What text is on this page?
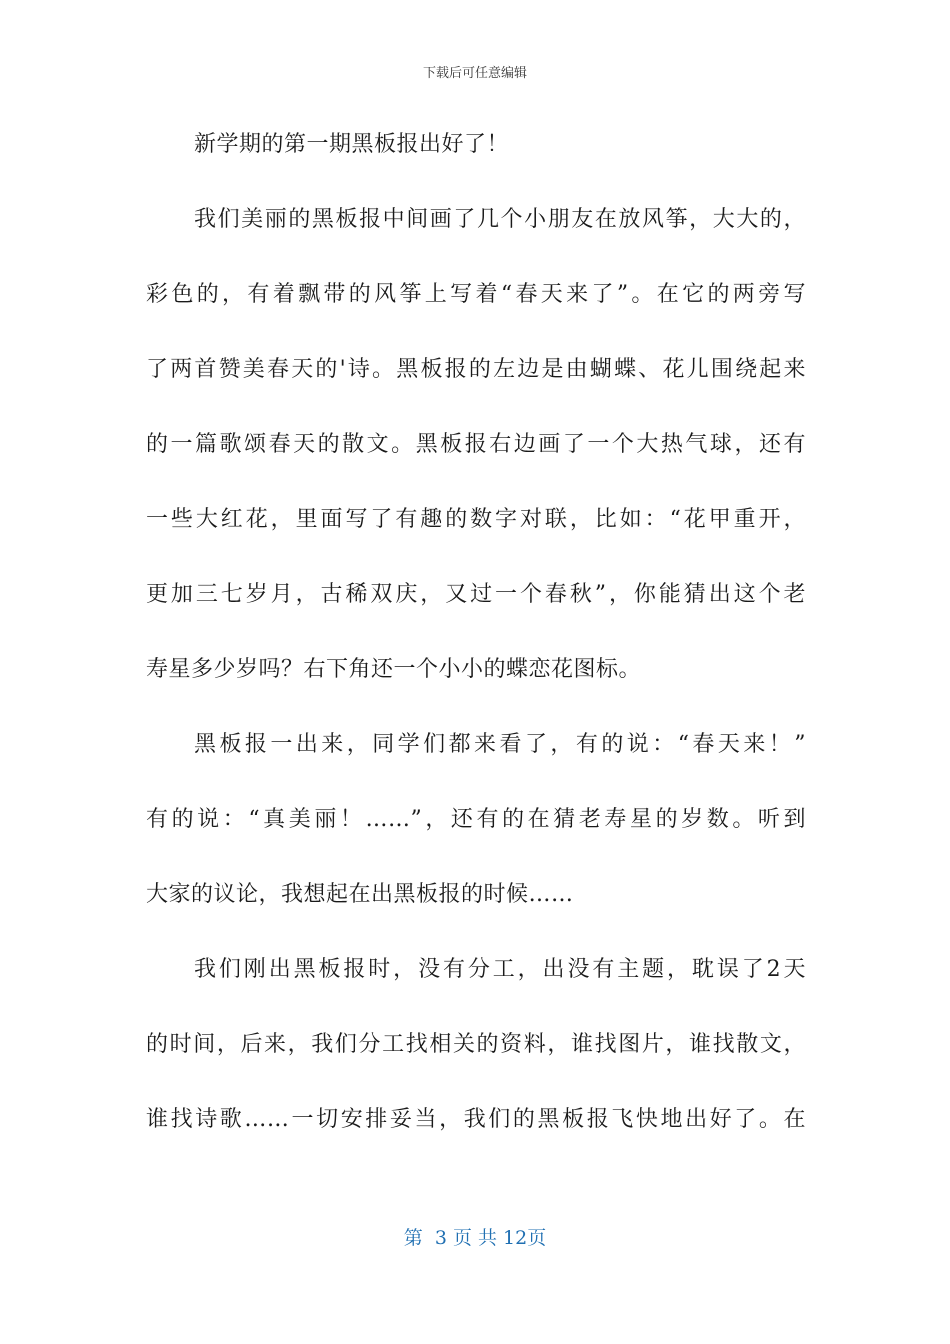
下载后可任意编辑
新学期的第一期黑板报出好了！
我们美丽的黑板报中间画了几个小朋友在放风筝，大大的，
彩色的，有着飘带的风筝上写着“春天来了”。在它的两旁写
了两首赞美春天的'诗。黑板报的左边是由蝴蝶、花儿围绕起来
的一篇歌颂春天的散文。黑板报右边画了一个大热气球，还有
一些大红花，里面写了有趣的数字对联，比如：“花甲重开，
更加三七岁月，古稀双庆，又过一个春秋”，你能猜出这个老
寿星多少岁吗？右下角还一个小小的蝶恋花图标。
黑板报一出来，同学们都来看了，有的说：“春天来！”
有的说：“真美丽！……”，还有的在猜老寿星的岁数。听到
大家的议论，我想起在出黑板报的时候……
我们刚出黑板报时，没有分工，出没有主题，耽误了2天
的时间，后来，我们分工找相关的资料，谁找图片，谁找散文，
谁找诗歌……一切安排妥当，我们的黑板报飞快地出好了。在
第  3 页 共 12页
